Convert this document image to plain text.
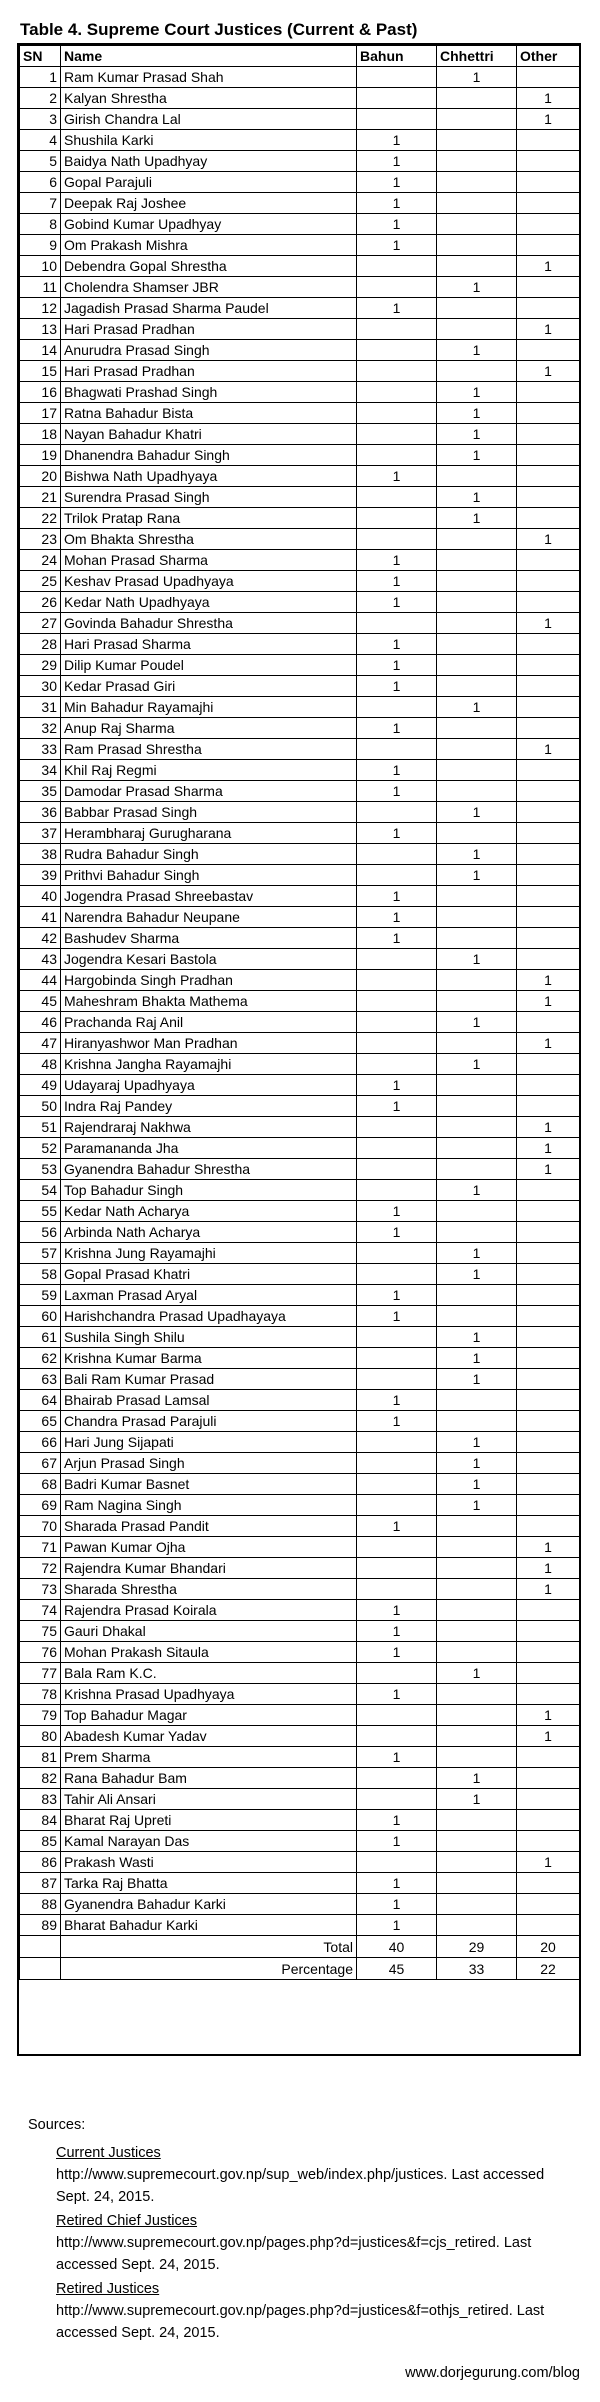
Table 4. Supreme Court Justices (Current & Past)
SN	Name	Bahun	Chhettri	Other
1	Ram Kumar Prasad Shah		1	
2	Kalyan Shrestha			1
3	Girish Chandra Lal			1
4	Shushila Karki	1		
5	Baidya Nath Upadhyay	1		
6	Gopal Parajuli	1		
7	Deepak Raj Joshee	1		
8	Gobind Kumar Upadhyay	1		
9	Om Prakash Mishra	1		
10	Debendra Gopal Shrestha			1
11	Cholendra Shamser JBR		1	
12	Jagadish Prasad Sharma Paudel	1		
13	Hari Prasad Pradhan			1
14	Anurudra Prasad Singh		1	
15	Hari Prasad Pradhan			1
16	Bhagwati Prashad Singh		1	
17	Ratna Bahadur Bista		1	
18	Nayan Bahadur Khatri		1	
19	Dhanendra Bahadur Singh		1	
20	Bishwa Nath Upadhyaya	1		
21	Surendra Prasad Singh		1	
22	Trilok Pratap Rana		1	
23	Om Bhakta Shrestha			1
24	Mohan Prasad Sharma	1		
25	Keshav Prasad Upadhyaya	1		
26	Kedar Nath Upadhyaya	1		
27	Govinda Bahadur Shrestha			1
28	Hari Prasad Sharma	1		
29	Dilip Kumar Poudel	1		
30	Kedar Prasad Giri	1		
31	Min Bahadur Rayamajhi		1	
32	Anup Raj Sharma	1		
33	Ram Prasad Shrestha			1
34	Khil Raj Regmi	1		
35	Damodar Prasad Sharma	1		
36	Babbar Prasad Singh		1	
37	Herambharaj Gurugharana	1		
38	Rudra Bahadur Singh		1	
39	Prithvi Bahadur Singh		1	
40	Jogendra Prasad Shreebastav	1		
41	Narendra Bahadur Neupane	1		
42	Bashudev Sharma	1		
43	Jogendra Kesari Bastola		1	
44	Hargobinda Singh Pradhan			1
45	Maheshram Bhakta Mathema			1
46	Prachanda Raj Anil		1	
47	Hiranyashwor Man Pradhan			1
48	Krishna Jangha Rayamajhi		1	
49	Udayaraj Upadhyaya	1		
50	Indra Raj Pandey	1		
51	Rajendraraj Nakhwa			1
52	Paramananda Jha			1
53	Gyanendra Bahadur Shrestha			1
54	Top Bahadur Singh		1	
55	Kedar Nath Acharya	1		
56	Arbinda Nath Acharya	1		
57	Krishna Jung Rayamajhi		1	
58	Gopal Prasad Khatri		1	
59	Laxman Prasad Aryal	1		
60	Harishchandra Prasad Upadhayaya	1		
61	Sushila Singh Shilu		1	
62	Krishna Kumar Barma		1	
63	Bali Ram Kumar Prasad		1	
64	Bhairab Prasad Lamsal	1		
65	Chandra Prasad Parajuli	1		
66	Hari Jung Sijapati		1	
67	Arjun Prasad Singh		1	
68	Badri Kumar Basnet		1	
69	Ram Nagina Singh		1	
70	Sharada Prasad Pandit	1		
71	Pawan Kumar Ojha			1
72	Rajendra Kumar Bhandari			1
73	Sharada Shrestha			1
74	Rajendra Prasad Koirala	1		
75	Gauri Dhakal	1		
76	Mohan Prakash Sitaula	1		
77	Bala Ram K.C.		1	
78	Krishna Prasad Upadhyaya	1		
79	Top Bahadur Magar			1
80	Abadesh Kumar Yadav			1
81	Prem Sharma	1		
82	Rana Bahadur Bam		1	
83	Tahir Ali Ansari		1	
84	Bharat Raj Upreti	1		
85	Kamal Narayan Das	1		
86	Prakash Wasti			1
87	Tarka Raj Bhatta	1		
88	Gyanendra Bahadur Karki	1		
89	Bharat Bahadur Karki	1		
	Total	40	29	20
	Percentage	45	33	22
Sources:
Current Justices
http://www.supremecourt.gov.np/sup_web/index.php/justices. Last accessed Sept. 24, 2015.
Retired Chief Justices
http://www.supremecourt.gov.np/pages.php?d=justices&f=cjs_retired. Last accessed Sept. 24, 2015.
Retired Justices
http://www.supremecourt.gov.np/pages.php?d=justices&f=othjs_retired. Last accessed Sept. 24, 2015.
www.dorjegurung.com/blog
